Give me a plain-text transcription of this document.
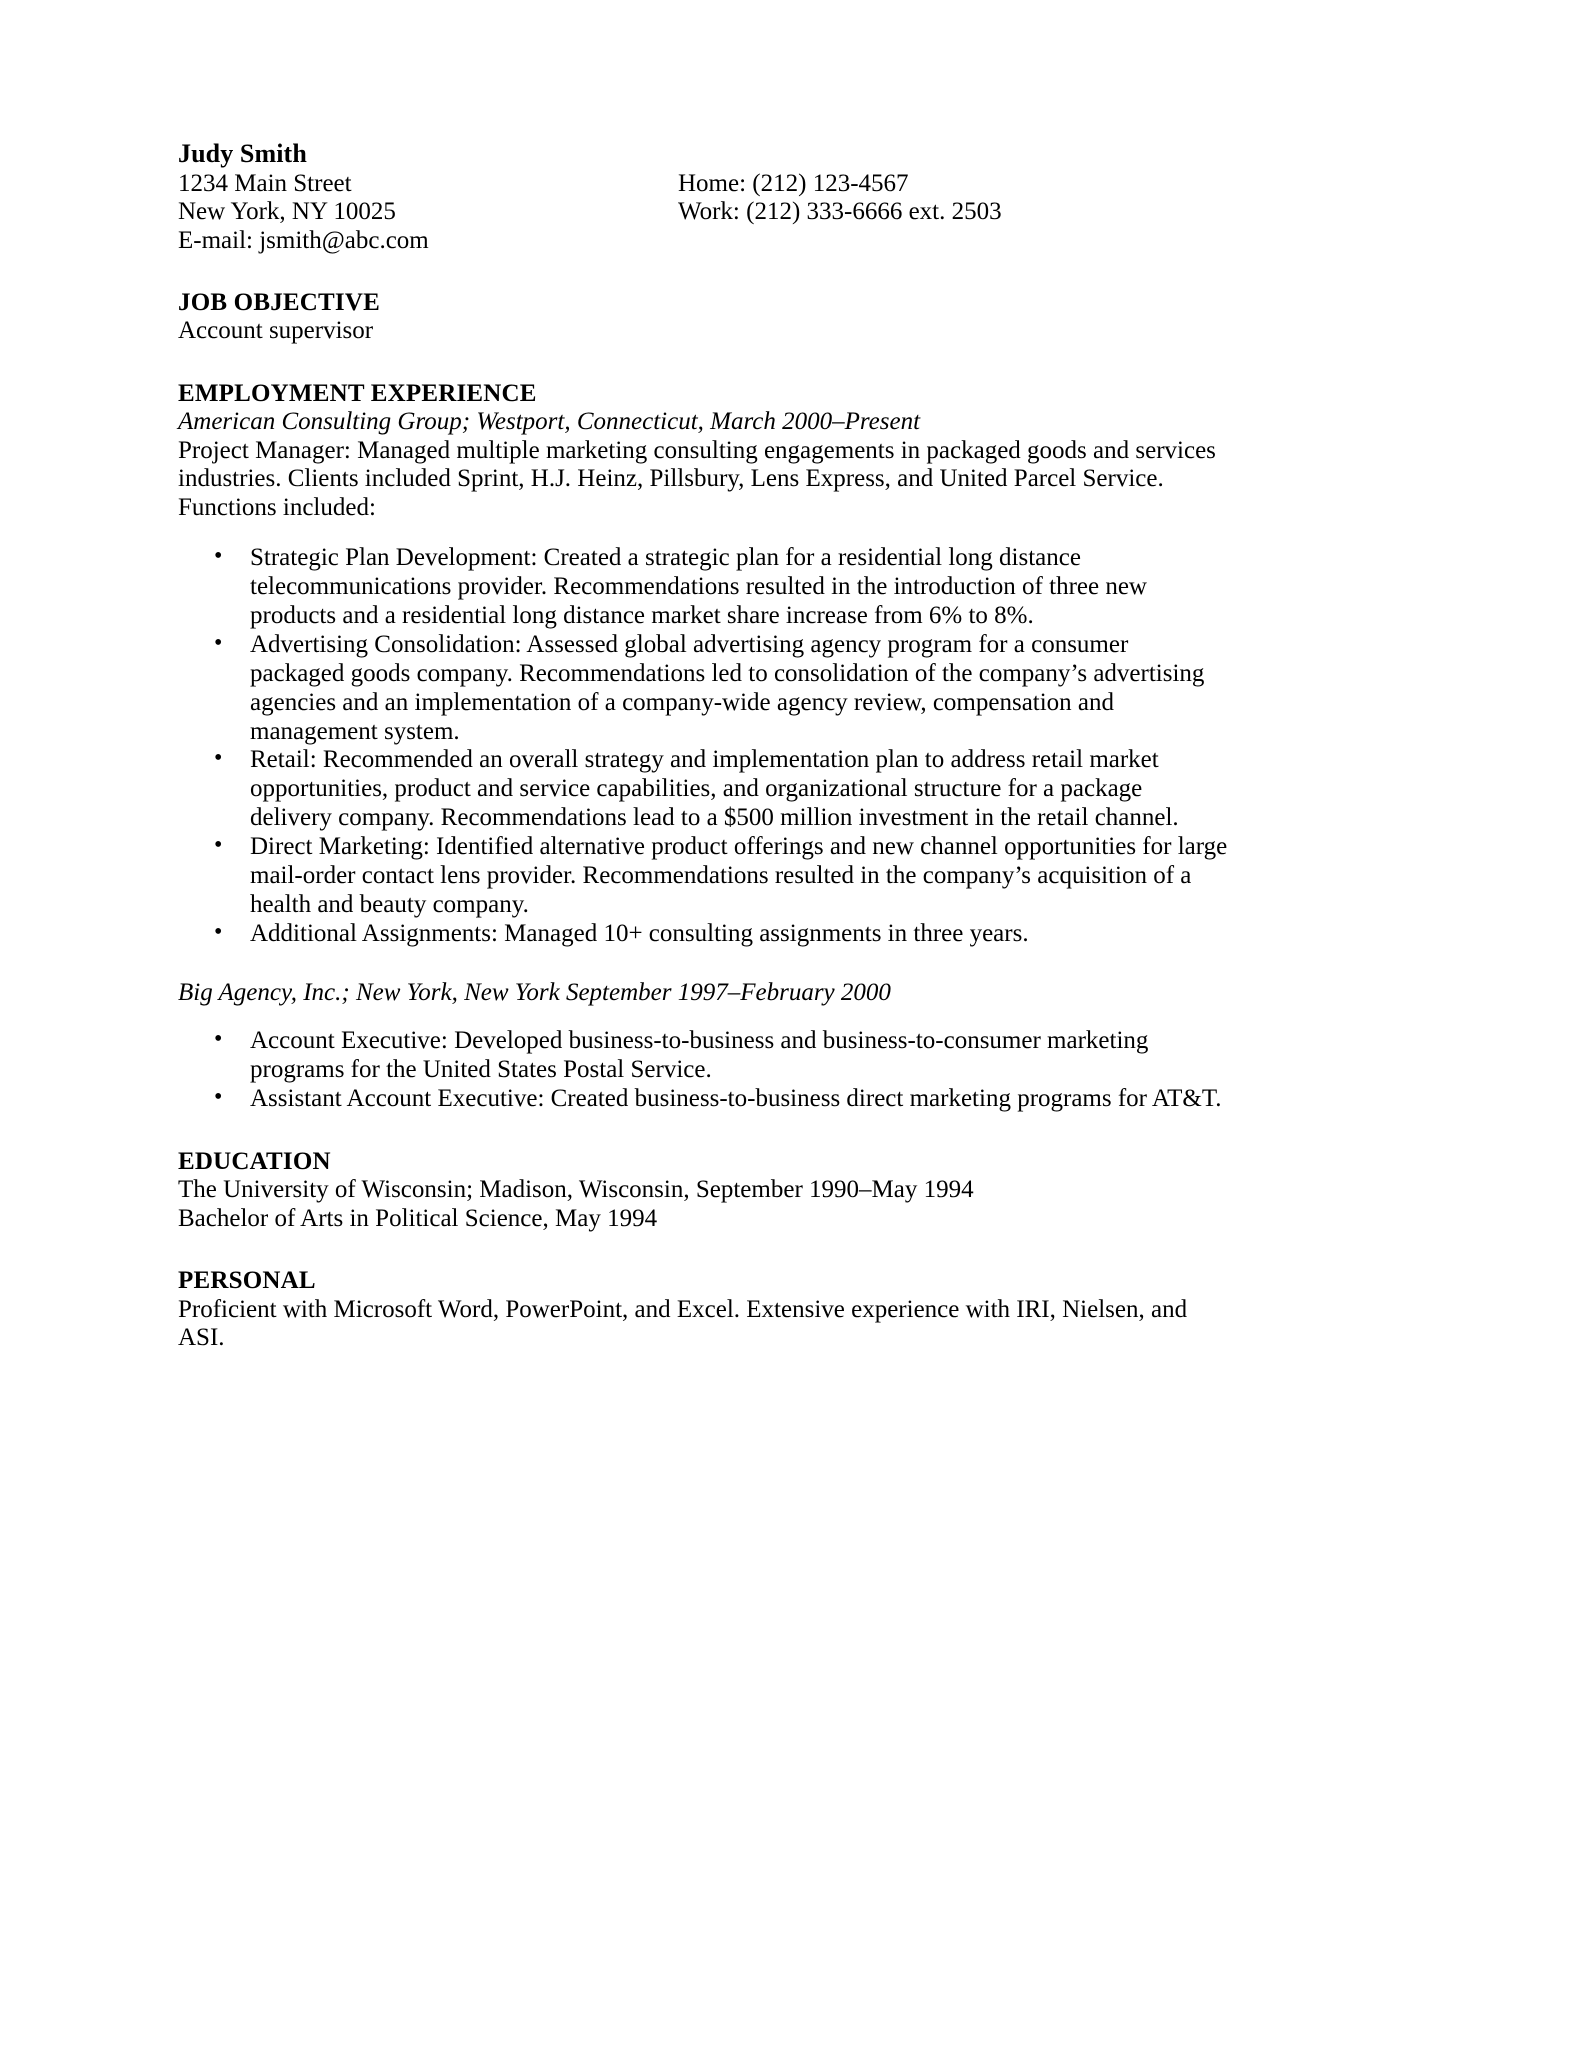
Judy Smith
1234 Main Street
New York, NY 10025
E-mail: jsmith@abc.com
Home: (212) 123-4567
Work: (212) 333-6666 ext. 2503
JOB OBJECTIVE
Account supervisor
EMPLOYMENT EXPERIENCE
American Consulting Group; Westport, Connecticut, March 2000–Present
Project Manager: Managed multiple marketing consulting engagements in packaged goods and services industries. Clients included Sprint, H.J. Heinz, Pillsbury, Lens Express, and United Parcel Service. Functions included:
• Strategic Plan Development: Created a strategic plan for a residential long distance telecommunications provider. Recommendations resulted in the introduction of three new products and a residential long distance market share increase from 6% to 8%.
• Advertising Consolidation: Assessed global advertising agency program for a consumer packaged goods company. Recommendations led to consolidation of the company’s advertising agencies and an implementation of a company-wide agency review, compensation and management system.
• Retail: Recommended an overall strategy and implementation plan to address retail market opportunities, product and service capabilities, and organizational structure for a package delivery company. Recommendations lead to a $500 million investment in the retail channel.
• Direct Marketing: Identified alternative product offerings and new channel opportunities for large mail-order contact lens provider. Recommendations resulted in the company’s acquisition of a health and beauty company.
• Additional Assignments: Managed 10+ consulting assignments in three years.
Big Agency, Inc.; New York, New York September 1997–February 2000
• Account Executive: Developed business-to-business and business-to-consumer marketing programs for the United States Postal Service.
• Assistant Account Executive: Created business-to-business direct marketing programs for AT&T.
EDUCATION
The University of Wisconsin; Madison, Wisconsin, September 1990–May 1994
Bachelor of Arts in Political Science, May 1994
PERSONAL
Proficient with Microsoft Word, PowerPoint, and Excel. Extensive experience with IRI, Nielsen, and ASI.
